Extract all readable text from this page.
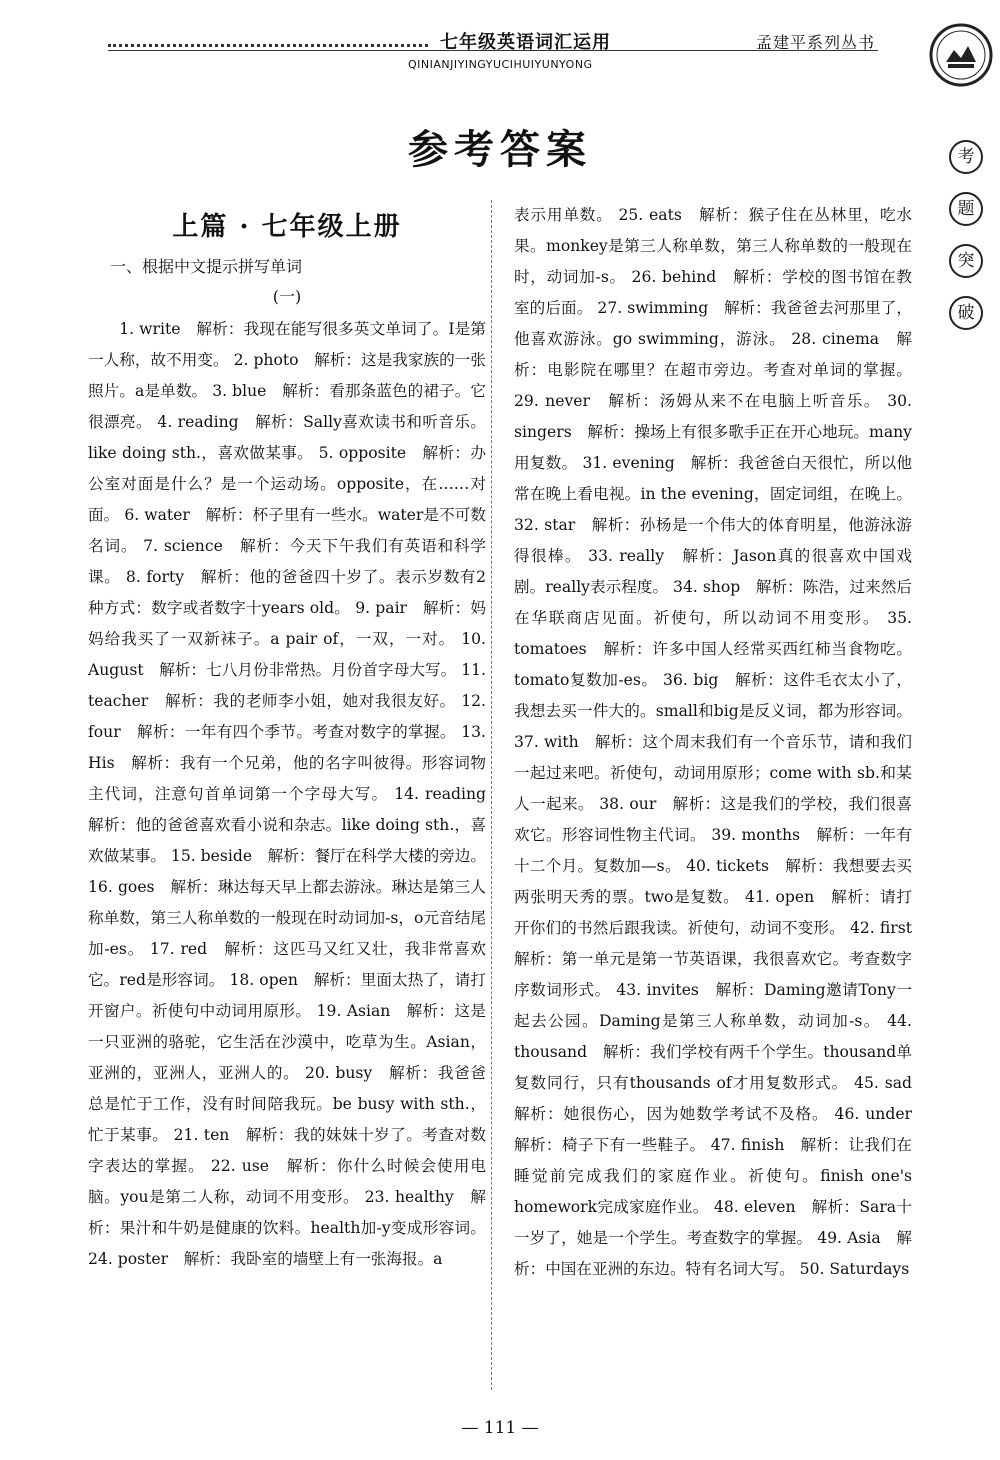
七年级英语词汇运用
QINIANJIYINGYUCIHUIYUNYONG
孟建平系列丛书
考
题
突
破
参考答案
上篇 · 七年级上册
一、根据中文提示拼写单词
(一)
1. write　解析：我现在能写很多英文单词了。I是第一人称，故不用变。 2. photo　解析：这是我家族的一张照片。a是单数。 3. blue　解析：看那条蓝色的裙子。它很漂亮。 4. reading　解析：Sally喜欢读书和听音乐。like doing sth.，喜欢做某事。 5. opposite　解析：办公室对面是什么？是一个运动场。opposite，在……对面。 6. water　解析：杯子里有一些水。water是不可数名词。 7. science　解析：今天下午我们有英语和科学课。 8. forty　解析：他的爸爸四十岁了。表示岁数有2种方式：数字或者数字十years old。 9. pair　解析：妈妈给我买了一双新袜子。a pair of，一双，一对。 10. August　解析：七八月份非常热。月份首字母大写。 11. teacher　解析：我的老师李小姐，她对我很友好。 12. four　解析：一年有四个季节。考查对数字的掌握。 13. His　解析：我有一个兄弟，他的名字叫彼得。形容词物主代词，注意句首单词第一个字母大写。 14. reading　解析：他的爸爸喜欢看小说和杂志。like doing sth.，喜欢做某事。 15. beside　解析：餐厅在科学大楼的旁边。 16. goes　解析：琳达每天早上都去游泳。琳达是第三人称单数，第三人称单数的一般现在时动词加-s，o元音结尾加-es。 17. red　解析：这匹马又红又壮，我非常喜欢它。red是形容词。 18. open　解析：里面太热了，请打开窗户。祈使句中动词用原形。 19. Asian　解析：这是一只亚洲的骆驼，它生活在沙漠中，吃草为生。Asian，亚洲的，亚洲人，亚洲人的。 20. busy　解析：我爸爸总是忙于工作，没有时间陪我玩。be busy with sth.，忙于某事。 21. ten　解析：我的妹妹十岁了。考查对数字表达的掌握。 22. use　解析：你什么时候会使用电脑。you是第二人称，动词不用变形。 23. healthy　解析：果汁和牛奶是健康的饮料。health加-y变成形容词。 24. poster　解析：我卧室的墙壁上有一张海报。a
表示用单数。 25. eats　解析：猴子住在丛林里，吃水果。monkey是第三人称单数，第三人称单数的一般现在时，动词加-s。 26. behind　解析：学校的图书馆在教室的后面。 27. swimming　解析：我爸爸去河那里了，他喜欢游泳。go swimming，游泳。 28. cinema　解析：电影院在哪里？在超市旁边。考查对单词的掌握。 29. never　解析：汤姆从来不在电脑上听音乐。 30. singers　解析：操场上有很多歌手正在开心地玩。many用复数。 31. evening　解析：我爸爸白天很忙，所以他常在晚上看电视。in the evening，固定词组，在晚上。 32. star　解析：孙杨是一个伟大的体育明星，他游泳游得很棒。 33. really　解析：Jason真的很喜欢中国戏剧。really表示程度。 34. shop　解析：陈浩，过来然后在华联商店见面。祈使句，所以动词不用变形。 35. tomatoes　解析：许多中国人经常买西红柿当食物吃。tomato复数加-es。 36. big　解析：这件毛衣太小了，我想去买一件大的。small和big是反义词，都为形容词。 37. with　解析：这个周末我们有一个音乐节，请和我们一起过来吧。祈使句，动词用原形；come with sb.和某人一起来。 38. our　解析：这是我们的学校，我们很喜欢它。形容词性物主代词。 39. months　解析：一年有十二个月。复数加—s。 40. tickets　解析：我想要去买两张明天秀的票。two是复数。 41. open　解析：请打开你们的书然后跟我读。祈使句，动词不变形。 42. first　解析：第一单元是第一节英语课，我很喜欢它。考查数字序数词形式。 43. invites　解析：Daming邀请Tony一起去公园。Daming是第三人称单数，动词加-s。 44. thousand　解析：我们学校有两千个学生。thousand单复数同行，只有thousands of才用复数形式。 45. sad　解析：她很伤心，因为她数学考试不及格。 46. under　解析：椅子下有一些鞋子。 47. finish　解析：让我们在睡觉前完成我们的家庭作业。祈使句。finish one's homework完成家庭作业。 48. eleven　解析：Sara十一岁了，她是一个学生。考查数字的掌握。 49. Asia　解析：中国在亚洲的东边。特有名词大写。 50. Saturdays
— 111 —
